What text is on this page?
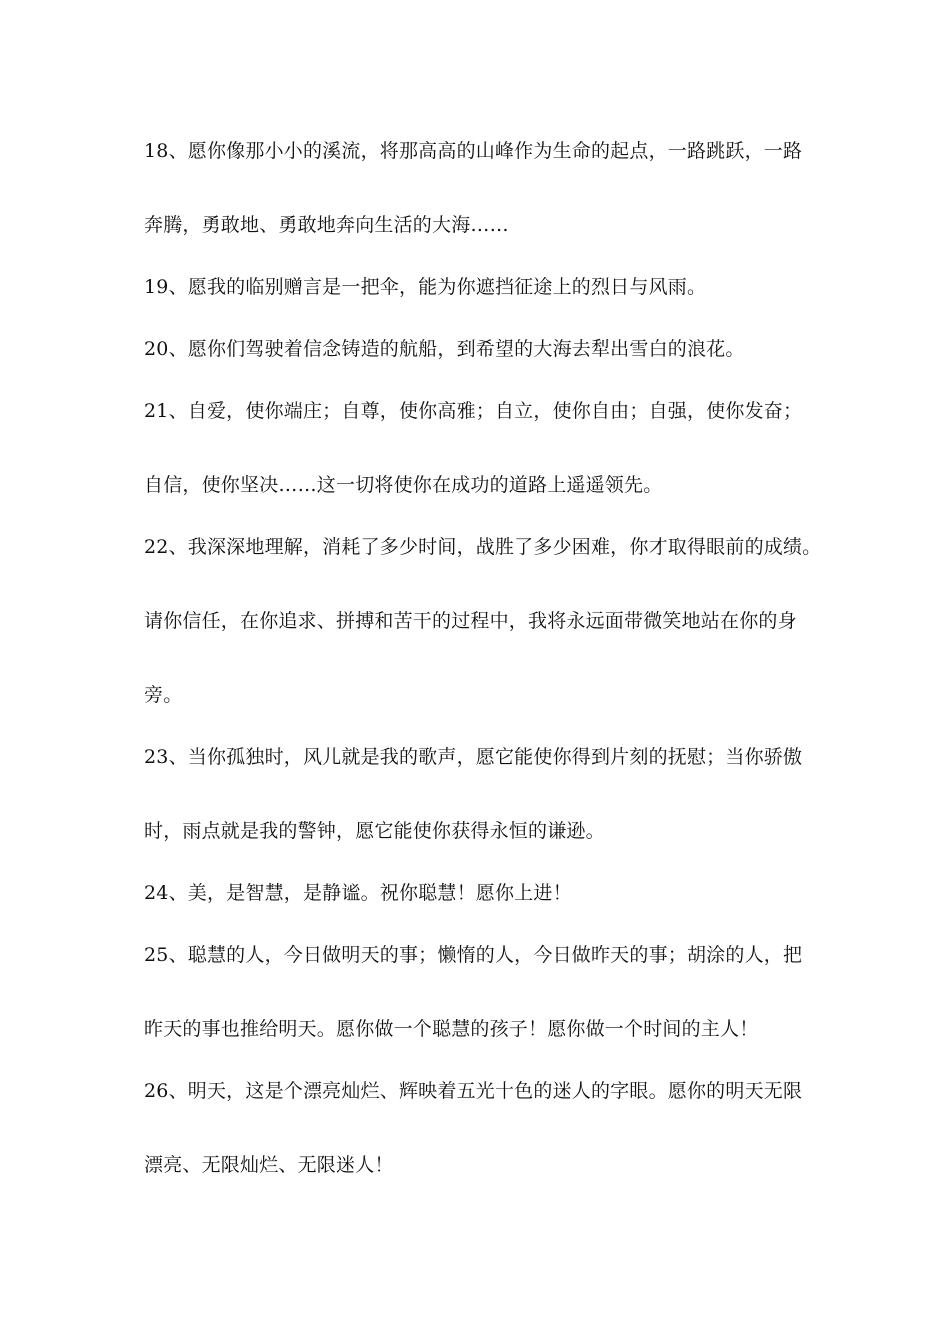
18、愿你像那小小的溪流，将那高高的山峰作为生命的起点，一路跳跃，一路
奔腾，勇敢地、勇敢地奔向生活的大海……
19、愿我的临别赠言是一把伞，能为你遮挡征途上的烈日与风雨。
20、愿你们驾驶着信念铸造的航船，到希望的大海去犁出雪白的浪花。
21、自爱，使你端庄；自尊，使你高雅；自立，使你自由；自强，使你发奋；
自信，使你坚决……这一切将使你在成功的道路上遥遥领先。
22、我深深地理解，消耗了多少时间，战胜了多少困难，你才取得眼前的成绩。
请你信任，在你追求、拼搏和苦干的过程中，我将永远面带微笑地站在你的身
旁。
23、当你孤独时，风儿就是我的歌声，愿它能使你得到片刻的抚慰；当你骄傲
时，雨点就是我的警钟，愿它能使你获得永恒的谦逊。
24、美，是智慧，是静谧。祝你聪慧！愿你上进！
25、聪慧的人，今日做明天的事；懒惰的人，今日做昨天的事；胡涂的人，把
昨天的事也推给明天。愿你做一个聪慧的孩子！愿你做一个时间的主人！
26、明天，这是个漂亮灿烂、辉映着五光十色的迷人的字眼。愿你的明天无限
漂亮、无限灿烂、无限迷人！
